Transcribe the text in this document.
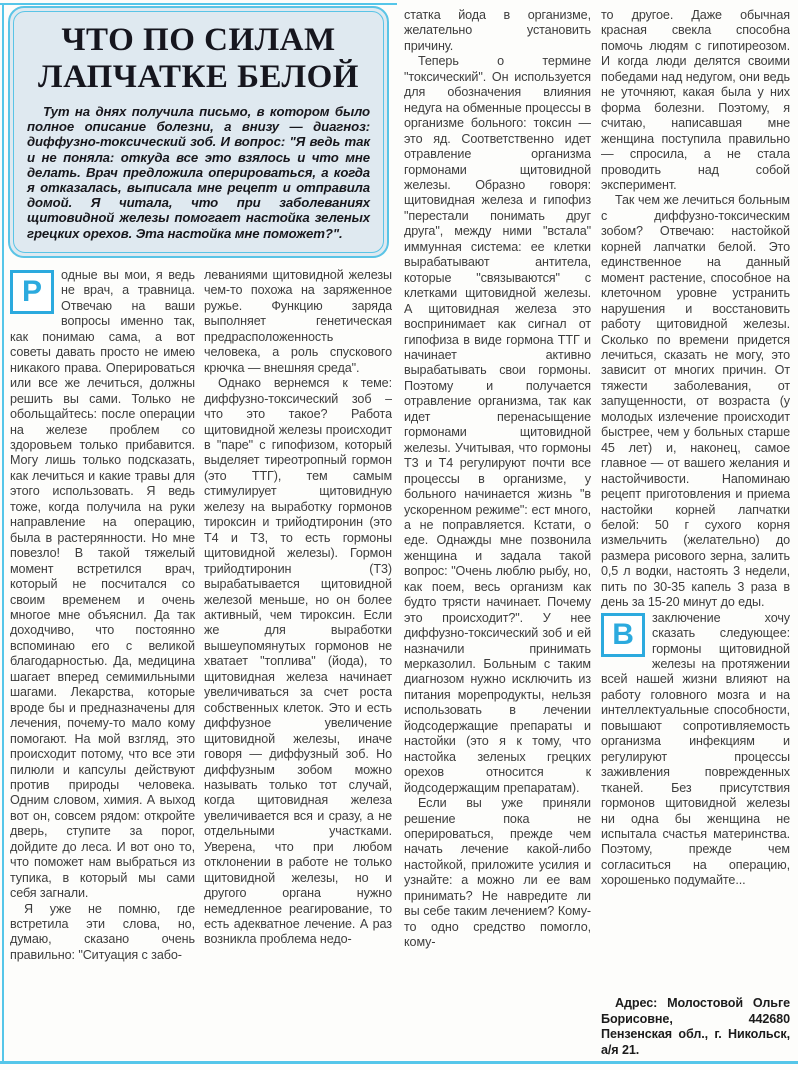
ЧТО ПО СИЛАМ
ЛАПЧАТКЕ БЕЛОЙ

Тут на днях получила письмо, в котором было полное описание болезни, а внизу — диагноз: диффузно-токсический зоб. И вопрос: "Я ведь так и не поняла: откуда все это взялось и что мне делать. Врач предложила оперироваться, а когда я отказалась, выписала мне рецепт и отправила домой. Я читала, что при заболеваниях щитовидной железы помогает настойка зеленых грецких орехов. Эта настойка мне поможет?".

Р	одные вы мои, я ведь не врач, а травница. Отвечаю на ваши вопросы именно так, как понимаю сама, а вот советы давать просто не имею никакого права. Оперироваться или все же лечиться, должны решить вы сами. Только не обольщайтесь: после операции на железе проблем со здоровьем только прибавится. Могу лишь только подсказать, как лечиться и какие травы для этого использовать. Я ведь тоже, когда получила на руки направление на операцию, была в растерянности. Но мне повезло! В такой тяжелый момент встретился врач, который не посчитался со своим временем и очень многое мне объяснил. Да так доходчиво, что постоянно вспоминаю его с великой благодарностью. Да, медицина шагает вперед семимильными шагами. Лекарства, которые вроде бы и предназначены для лечения, почему-то мало кому помогают. На мой взгляд, это происходит потому, что все эти пилюли и капсулы действуют против природы человека. Одним словом, химия. А выход вот он, совсем рядом: откройте дверь, ступите за порог, дойдите до леса. И вот оно то, что поможет нам выбраться из тупика, в который мы сами себя загнали.

Я уже не помню, где встретила эти слова, но, думаю, сказано очень правильно: "Ситуация с забо-

леваниями щитовидной железы чем-то похожа на заряженное ружье. Функцию заряда выполняет генетическая предрасположенность человека, а роль спускового крючка — внешняя среда".

Однако вернемся к теме: диффузно-токсический зоб – что это такое? Работа щитовидной железы происходит в "паре" с гипофизом, который выделяет тиреотропный гормон (это ТТГ), тем самым стимулирует щитовидную железу на выработку гормонов тироксин и трийодтиронин (это Т4 и Т3, то есть гормоны щитовидной железы). Гормон трийодтиронин (Т3) вырабатывается щитовидной железой меньше, но он более активный, чем тироксин. Если же для выработки вышеупомянутых гормонов не хватает "топлива" (йода), то щитовидная железа начинает увеличиваться за счет роста собственных клеток. Это и есть диффузное увеличение щитовидной железы, иначе говоря — диффузный зоб. Но диффузным зобом можно называть только тот случай, когда щитовидная железа увеличивается вся и сразу, а не отдельными участками. Уверена, что при любом отклонении в работе не только щитовидной железы, но и другого органа нужно немедленное реагирование, то есть адекватное лечение. А раз возникла проблема недо-

статка йода в организме, желательно установить причину.

Теперь о термине "токсический". Он используется для обозначения влияния недуга на обменные процессы в организме больного: токсин — это яд. Соответственно идет отравление организма гормонами щитовидной железы. Образно говоря: щитовидная железа и гипофиз "перестали понимать друг друга", между ними "встала" иммунная система: ее клетки вырабатывают антитела, которые "связываются" с клетками щитовидной железы. А щитовидная железа это воспринимает как сигнал от гипофиза в виде гормона ТТГ и начинает активно вырабатывать свои гормоны. Поэтому и получается отравление организма, так как идет перенасыщение гормонами щитовидной железы. Учитывая, что гормоны Т3 и Т4 регулируют почти все процессы в организме, у больного начинается жизнь "в ускоренном режиме": ест много, а не поправляется. Кстати, о еде. Однажды мне позвонила женщина и задала такой вопрос: "Очень люблю рыбу, но, как поем, весь организм как будто трясти начинает. Почему это происходит?". У нее диффузно-токсический зоб и ей назначили принимать мерказолил. Больным с таким диагнозом нужно исключить из питания морепродукты, нельзя использовать в лечении йодсодержащие препараты и настойки (это я к тому, что настойка зеленых грецких орехов относится к йодсодержащим препаратам).

Если вы уже приняли решение пока не оперироваться, прежде чем начать лечение какой-либо настойкой, приложите усилия и узнайте: а можно ли ее вам принимать? Не навредите ли вы себе таким лечением? Кому-то одно средство помогло, кому-

то другое. Даже обычная красная свекла способна помочь людям с гипотиреозом. И когда люди делятся своими победами над недугом, они ведь не уточняют, какая была у них форма болезни. Поэтому, я считаю, написавшая мне женщина поступила правильно — спросила, а не стала проводить над собой эксперимент.

Так чем же лечиться больным с диффузно-токсическим зобом? Отвечаю: настойкой корней лапчатки белой. Это единственное на данный момент растение, способное на клеточном уровне устранить нарушения и восстановить работу щитовидной железы. Сколько по времени придется лечиться, сказать не могу, это зависит от многих причин. От тяжести заболевания, от запущенности, от возраста (у молодых излечение происходит быстрее, чем у больных старше 45 лет) и, наконец, самое главное — от вашего желания и настойчивости. Напоминаю рецепт приготовления и приема настойки корней лапчатки белой: 50 г сухого корня измельчить (желательно) до размера рисового зерна, залить 0,5 л водки, настоять 3 недели, пить по 30-35 капель 3 раза в день за 15-20 минут до еды.

В	заключение хочу сказать следующее: гормоны щитовидной железы на протяжении всей нашей жизни влияют на работу головного мозга и на интеллектуальные способности, повышают сопротивляемость организма инфекциям и регулируют процессы заживления поврежденных тканей. Без присутствия гормонов щитовидной железы ни одна бы женщина не испытала счастья материнства. Поэтому, прежде чем согласиться на операцию, хорошенько подумайте...

Адрес: Молостовой Ольге Борисовне, 442680 Пензенская обл., г. Никольск, а/я 21.
